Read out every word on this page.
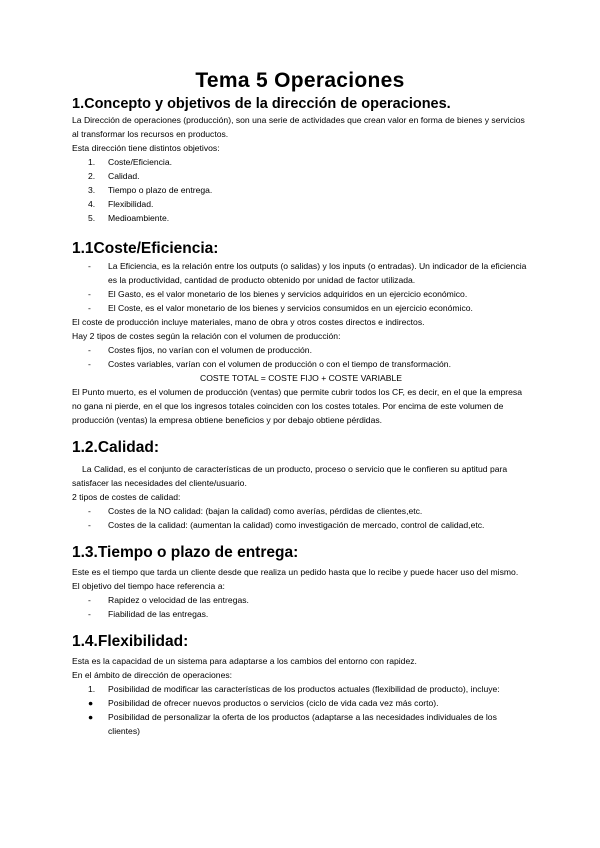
Tema 5 Operaciones
1.Concepto y objetivos de la dirección de operaciones.

La Dirección de operaciones (producción), son una serie de actividades que crean valor en forma de bienes y servicios al transformar los recursos en productos.

Esta dirección tiene distintos objetivos:

1. Coste/Eficiencia.
2. Calidad.
3. Tiempo o plazo de entrega.
4. Flexibilidad.
5. Medioambiente.
1.1Coste/Eficiencia:
- La Eficiencia, es la relación entre los outputs (o salidas) y los inputs (o entradas). Un indicador de la eficiencia es la productividad, cantidad de producto obtenido por unidad de factor utilizada.
- El Gasto, es el valor monetario de los bienes y servicios adquiridos en un ejercicio económico.
- El Coste, es el valor monetario de los bienes y servicios consumidos en un ejercicio económico.

El coste de producción incluye materiales, mano de obra y otros costes directos e indirectos.

Hay 2 tipos de costes según la relación con el volumen de producción:

- Costes fijos, no varían con el volumen de producción.
- Costes variables, varían con el volumen de producción o con el tiempo de transformación.

COSTE TOTAL = COSTE FIJO + COSTE VARIABLE

El Punto muerto, es el volumen de producción (ventas) que permite cubrir todos los CF, es decir, en el que la empresa no gana ni pierde, en el que los ingresos totales coinciden con los costes totales. Por encima de este volumen de producción (ventas) la empresa obtiene beneficios y por debajo obtiene pérdidas.

1.2.Calidad:

La Calidad, es el conjunto de características de un producto, proceso o servicio que le confieren su aptitud para satisfacer las necesidades del cliente/usuario.

2 tipos de costes de calidad:

- Costes de la NO calidad: (bajan la calidad) como averías, pérdidas de clientes,etc.
- Costes de la calidad: (aumentan la calidad) como investigación de mercado, control de calidad,etc.
1.3.Tiempo o plazo de entrega:

Este es el tiempo que tarda un cliente desde que realiza un pedido hasta que lo recibe y puede hacer uso del mismo.

El objetivo del tiempo hace referencia a:

- Rapidez o velocidad de las entregas.
- Fiabilidad de las entregas.
1.4.Flexibilidad:

Esta es la capacidad de un sistema para adaptarse a los cambios del entorno con rapidez.

En el ámbito de dirección de operaciones:

1. Posibilidad de modificar las características de los productos actuales (flexibilidad de producto), incluye:
● Posibilidad de ofrecer nuevos productos o servicios (ciclo de vida cada vez más corto).
● Posibilidad de personalizar la oferta de los productos (adaptarse a las necesidades individuales de los clientes)
